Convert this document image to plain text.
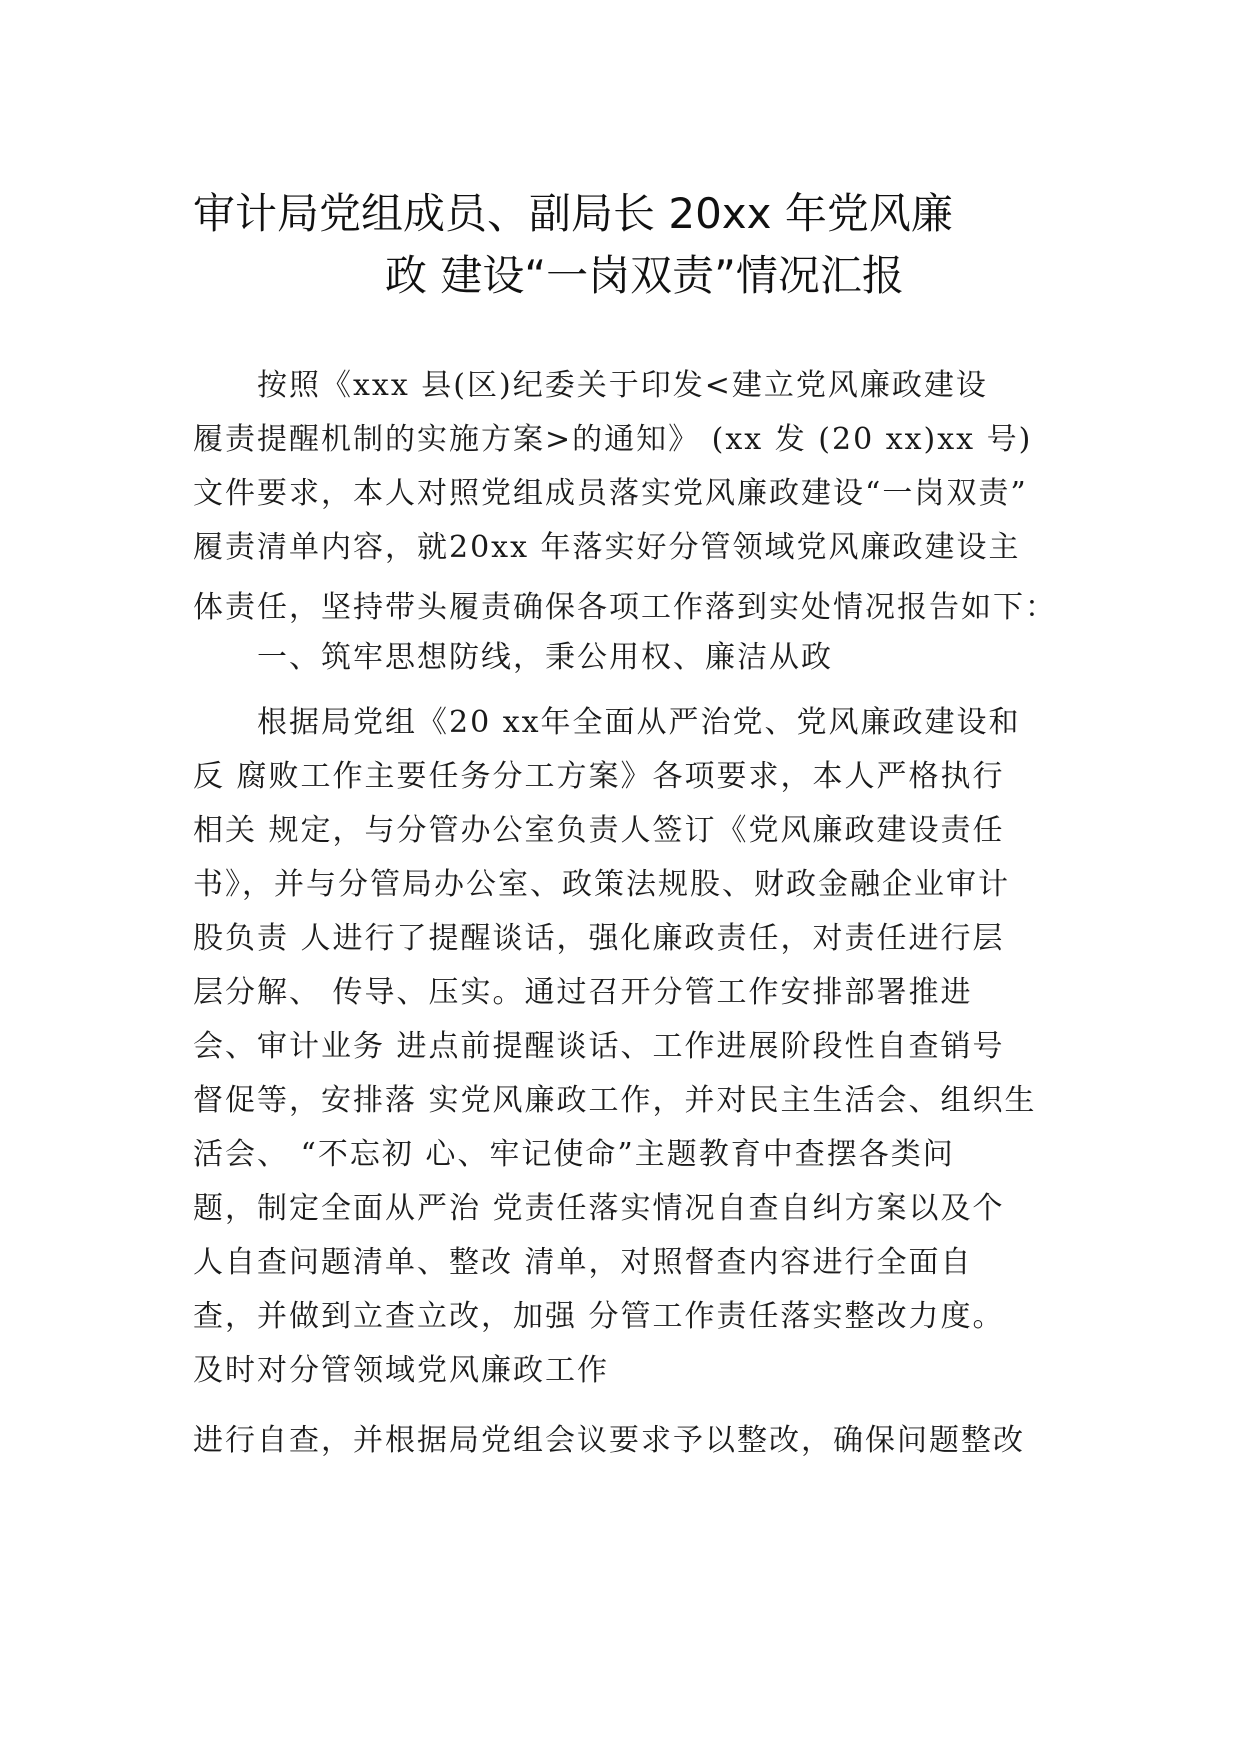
审计局党组成员、副局长 20xx 年党风廉
政 建设“一岗双责”情况汇报
按照《xxx 县(区)纪委关于印发<建立党风廉政建设
履责提醒机制的实施方案>的通知》 (xx 发 (20 xx)xx 号)
文件要求，本人对照党组成员落实党风廉政建设“一岗双责”
履责清单内容，就20xx 年落实好分管领域党风廉政建设主
体责任，坚持带头履责确保各项工作落到实处情况报告如下：
一、筑牢思想防线，秉公用权、廉洁从政
根据局党组《20 xx年全面从严治党、党风廉政建设和
反 腐败工作主要任务分工方案》各项要求，本人严格执行
相关 规定，与分管办公室负责人签订《党风廉政建设责任
书》，并与分管局办公室、政策法规股、财政金融企业审计
股负责 人进行了提醒谈话，强化廉政责任，对责任进行层
层分解、 传导、压实。通过召开分管工作安排部署推进
会、审计业务 进点前提醒谈话、工作进展阶段性自查销号
督促等，安排落 实党风廉政工作，并对民主生活会、组织生
活会、 “不忘初 心、牢记使命”主题教育中查摆各类问
题，制定全面从严治 党责任落实情况自查自纠方案以及个
人自查问题清单、整改 清单，对照督查内容进行全面自
查，并做到立查立改，加强 分管工作责任落实整改力度。
及时对分管领域党风廉政工作
进行自查，并根据局党组会议要求予以整改，确保问题整改
